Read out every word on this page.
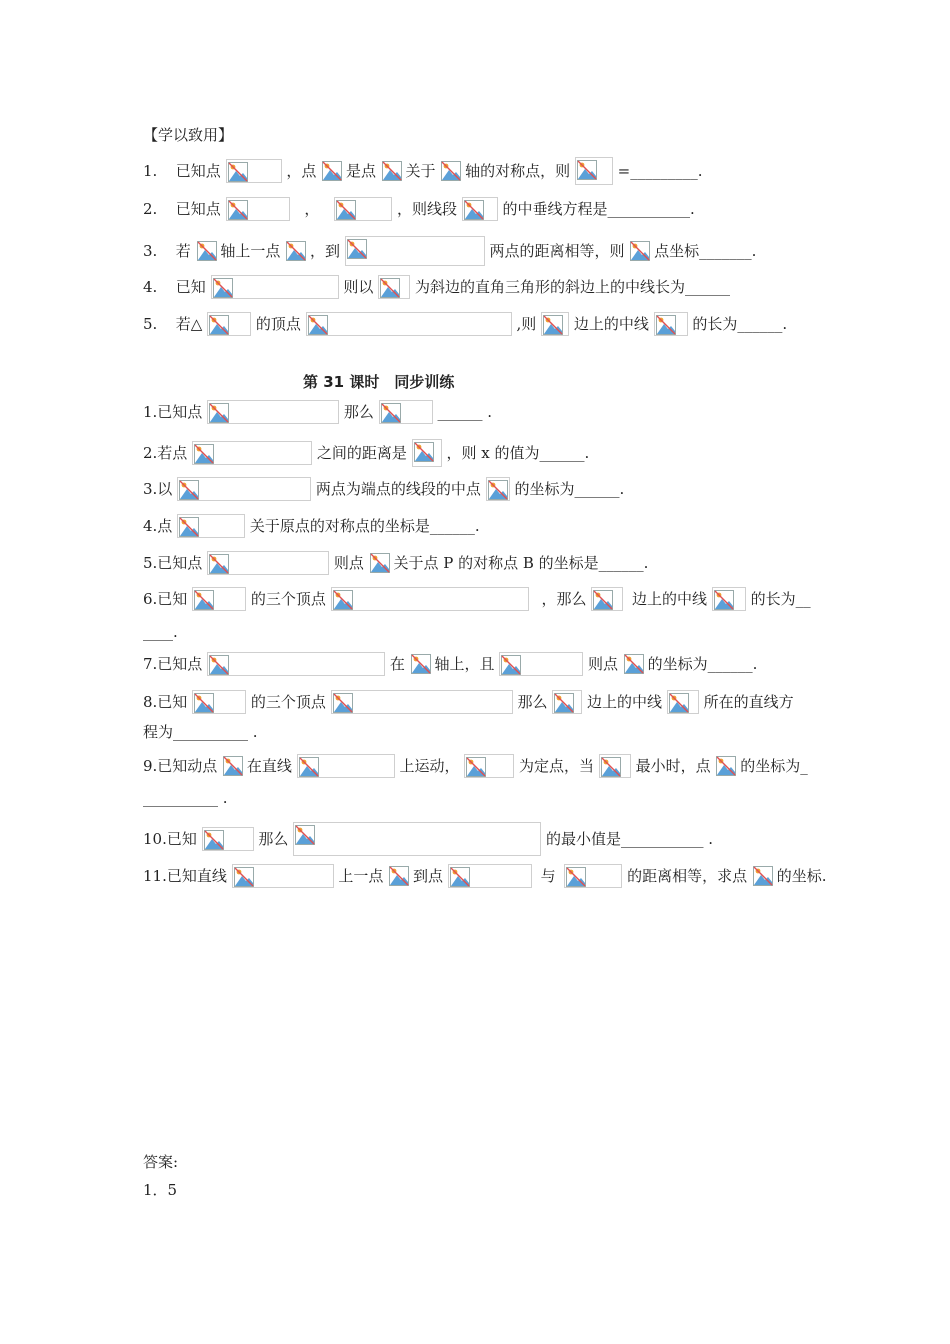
【学以致用】
1. 已知点	，点 是点 关于 轴的对称点，则	=_________.
2. 已知点	，	，则线段	的中垂线方程是___________.
3. 若 轴上一点 ，到	两点的距离相等，则 点坐标_______.
4. 已知	则以	为斜边的直角三角形的斜边上的中线长为______
5. 若△	的顶点	,则	边上的中线	的长为______.
第 31 课时　同步训练
1.已知点	那么	______ .
2.若点	之间的距离是	，则 x 的值为______.
3.以	两点为端点的线段的中点 的坐标为______.
4.点	关于原点的对称点的坐标是______.
5.已知点	则点 关于点 P 的对称点 B 的坐标是______.
6.已知	的三个顶点	，那么	边上的中线	的长为__
____.
7.已知点	在 轴上，且	则点 的坐标为______.
8.已知	的三个顶点	那么	边上的中线	所在的直线方
程为__________ .
9.已知动点 在直线	上运动，	为定点，当	最小时，点 的坐标为_
__________ .
10.已知	那么	的最小值是___________ .
11.已知直线	上一点 到点	与	的距离相等，求点 的坐标.
答案:
1．5
